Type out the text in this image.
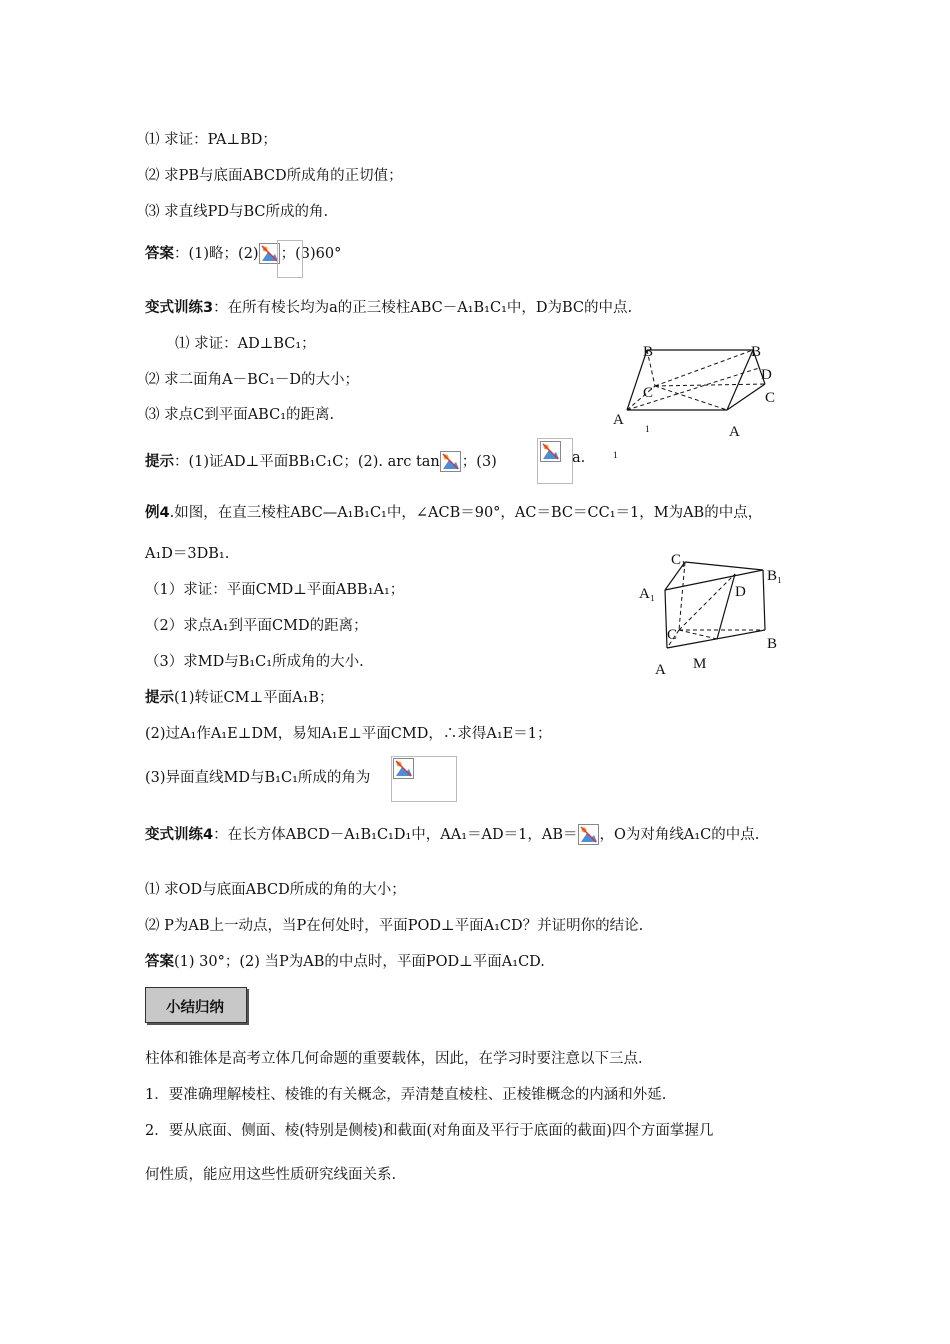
⑴ 求证：PA⊥BD；
⑵ 求PB与底面ABCD所成角的正切值；
⑶ 求直线PD与BC所成的角.
答案：(1)略；(2) ；(3)60°
变式训练3：在所有棱长均为a的正三棱柱ABC－A₁B₁C₁中，D为BC的中点.
⑴ 求证：AD⊥BC₁；
⑵ 求二面角A－BC₁－D的大小；
⑶ 求点C到平面ABC₁的距离.
B	B
C
D
C
A
A
1
1
提示：(1)证AD⊥平面BB₁C₁C；(2). arc tan ；(3)	a.
例4.如图，在直三棱柱ABC—A₁B₁C₁中，∠ACB＝90°，AC＝BC＝CC₁＝1，M为AB的中点，
A₁D＝3DB₁.
（1）求证：平面CMD⊥平面ABB₁A₁；
（2）求点A₁到平面CMD的距离；
（3）求MD与B₁C₁所成角的大小.
C₁
B₁
A₁	D
C
B
A M
提示(1)转证CM⊥平面A₁B；
(2)过A₁作A₁E⊥DM，易知A₁E⊥平面CMD，∴求得A₁E＝1；
(3)异面直线MD与B₁C₁所成的角为
变式训练4：在长方体ABCD－A₁B₁C₁D₁中，AA₁＝AD＝1，AB＝ ，O为对角线A₁C的中点.
⑴ 求OD与底面ABCD所成的角的大小；
⑵ P为AB上一动点，当P在何处时，平面POD⊥平面A₁CD？并证明你的结论.
答案(1) 30°；(2) 当P为AB的中点时，平面POD⊥平面A₁CD.
小结归纳
柱体和锥体是高考立体几何命题的重要载体，因此，在学习时要注意以下三点.
1．要准确理解棱柱、棱锥的有关概念，弄清楚直棱柱、正棱锥概念的内涵和外延.
2．要从底面、侧面、棱(特别是侧棱)和截面(对角面及平行于底面的截面)四个方面掌握几
何性质，能应用这些性质研究线面关系.
